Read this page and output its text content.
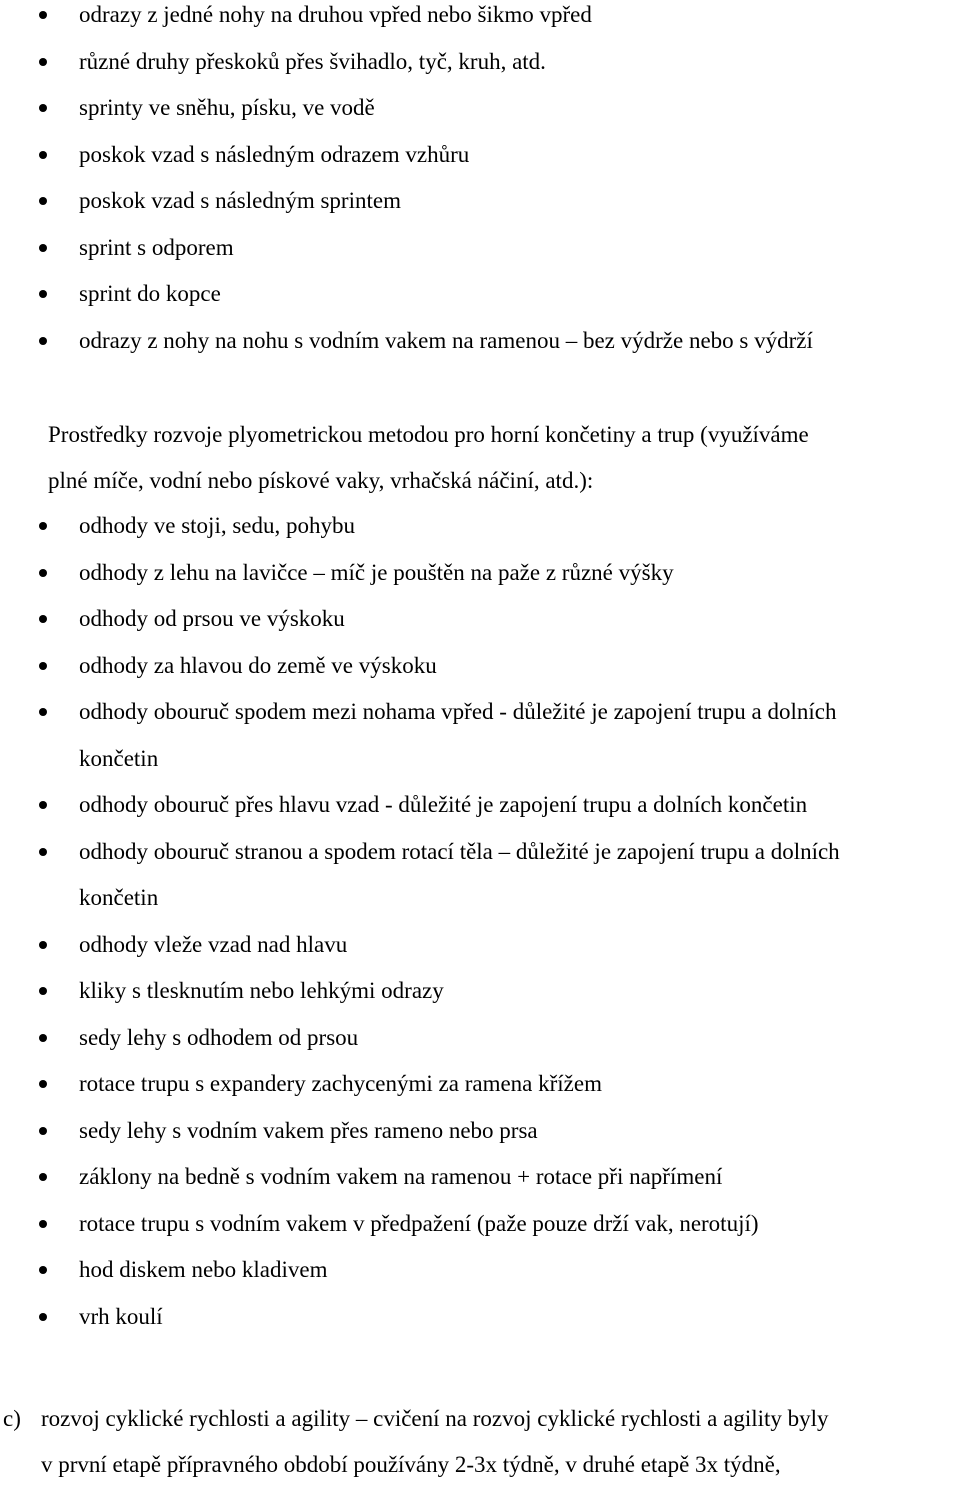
odrazy z jedné nohy na druhou vpřed nebo šikmo vpřed
různé druhy přeskoků přes švihadlo, tyč, kruh, atd.
sprinty ve sněhu, písku, ve vodě
poskok vzad s následným odrazem vzhůru
poskok vzad s následným sprintem
sprint s odporem
sprint do kopce
odrazy z nohy na nohu s vodním vakem na ramenou – bez výdrže nebo s výdrží
Prostředky rozvoje plyometrickou metodou pro horní končetiny a trup (využíváme
plné míče, vodní nebo pískové vaky, vrhačská náčiní, atd.):
odhody ve stoji, sedu, pohybu
odhody z lehu na lavičce – míč je pouštěn na paže z různé výšky
odhody od prsou ve výskoku
odhody za hlavou do země ve výskoku
odhody obouruč spodem mezi nohama vpřed - důležité je zapojení trupu a dolních
končetin
odhody obouruč přes hlavu vzad - důležité je zapojení trupu a dolních končetin
odhody obouruč stranou a spodem rotací těla – důležité je zapojení trupu a dolních
končetin
odhody vleže vzad nad hlavu
kliky s tlesknutím nebo lehkými odrazy
sedy lehy s odhodem od prsou
rotace trupu s expandery zachycenými za ramena křížem
sedy lehy s vodním vakem přes rameno nebo prsa
záklony na bedně s vodním vakem na ramenou + rotace při napřímení
rotace trupu s vodním vakem v předpažení (paže pouze drží vak, nerotují)
hod diskem nebo kladivem
vrh koulí
c) rozvoj cyklické rychlosti a agility – cvičení na rozvoj cyklické rychlosti a agility byly
v první etapě přípravného období používány 2-3x týdně, v druhé etapě 3x týdně,
